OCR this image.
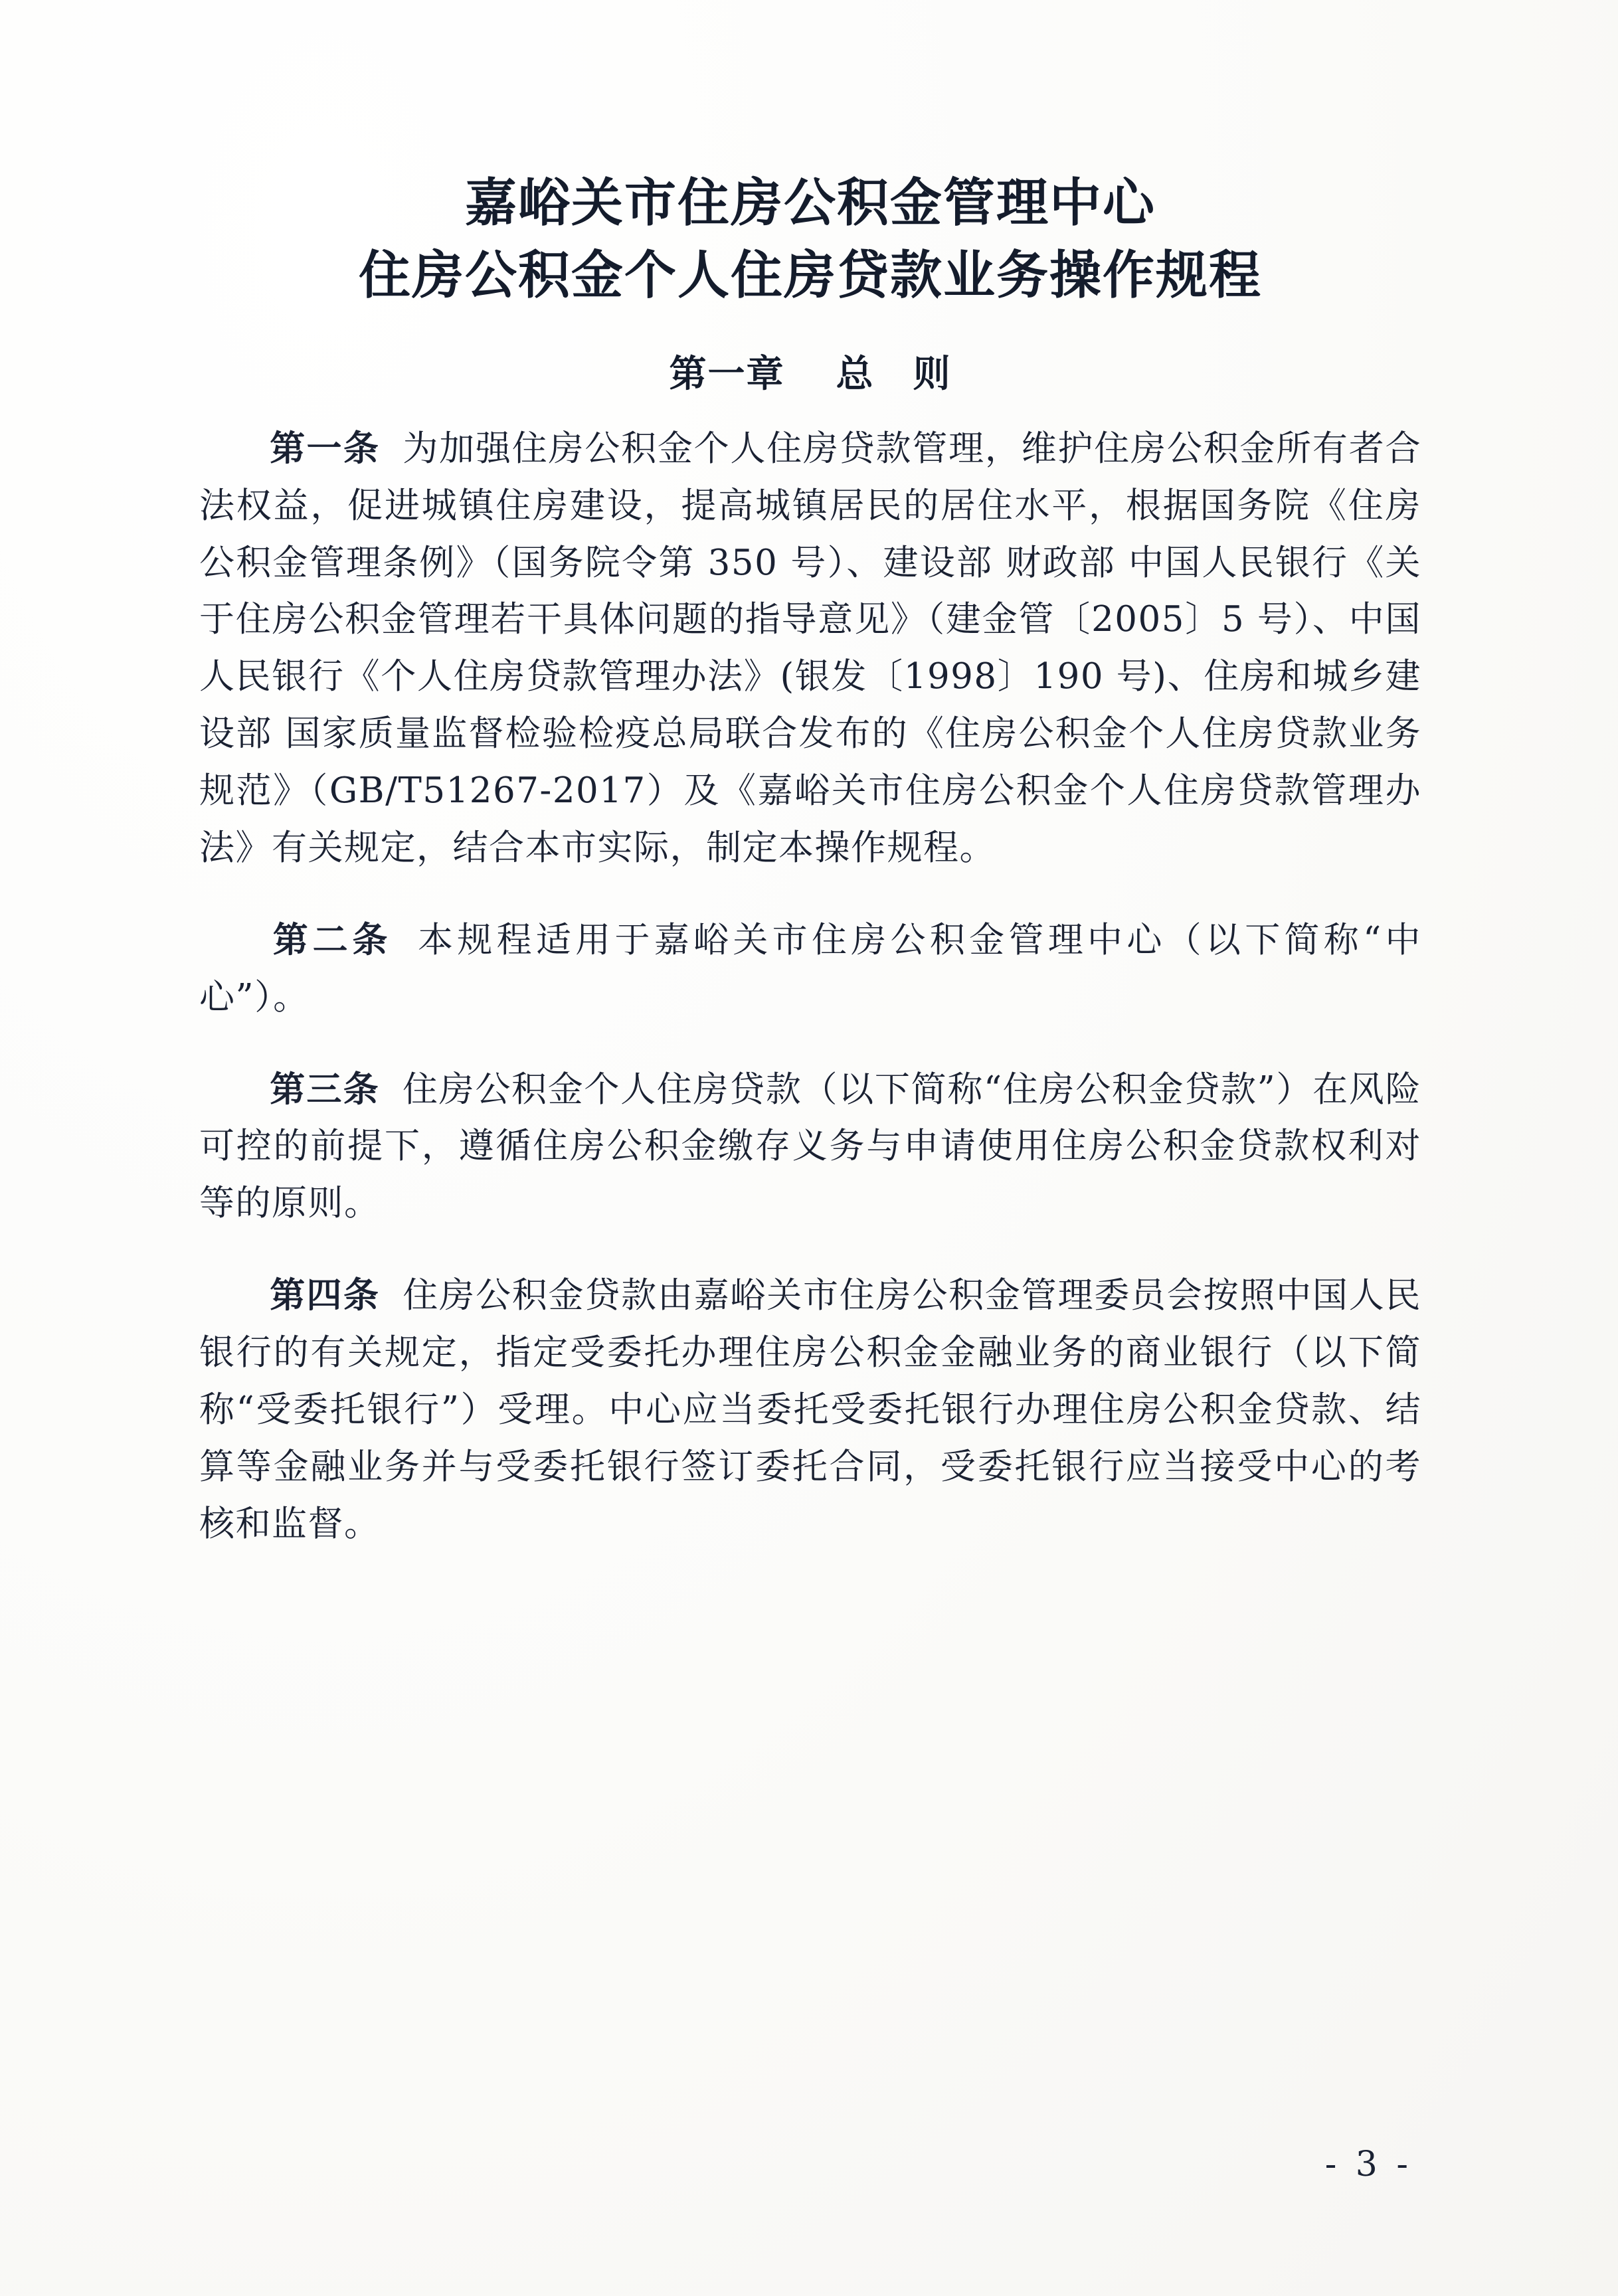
嘉峪关市住房公积金管理中心
住房公积金个人住房贷款业务操作规程
第一章 总　则

第一条 为加强住房公积金个人住房贷款管理，维护住房公积金所有者合法权益，促进城镇住房建设，提高城镇居民的居住水平，根据国务院《住房公积金管理条例》（国务院令第 350 号）、建设部 财政部 中国人民银行《关于住房公积金管理若干具体问题的指导意见》（建金管〔2005〕5 号）、中国人民银行《个人住房贷款管理办法》(银发〔1998〕190 号)、住房和城乡建设部 国家质量监督检验检疫总局联合发布的《住房公积金个人住房贷款业务规范》（GB/T51267-2017）及《嘉峪关市住房公积金个人住房贷款管理办法》有关规定，结合本市实际，制定本操作规程。

第二条 本规程适用于嘉峪关市住房公积金管理中心（以下简称“中心”）。

第三条 住房公积金个人住房贷款（以下简称“住房公积金贷款”）在风险可控的前提下，遵循住房公积金缴存义务与申请使用住房公积金贷款权利对等的原则。

第四条 住房公积金贷款由嘉峪关市住房公积金管理委员会按照中国人民银行的有关规定，指定受委托办理住房公积金金融业务的商业银行（以下简称“受委托银行”）受理。中心应当委托受委托银行办理住房公积金贷款、结算等金融业务并与受委托银行签订委托合同，受委托银行应当接受中心的考核和监督。

- 3 -
